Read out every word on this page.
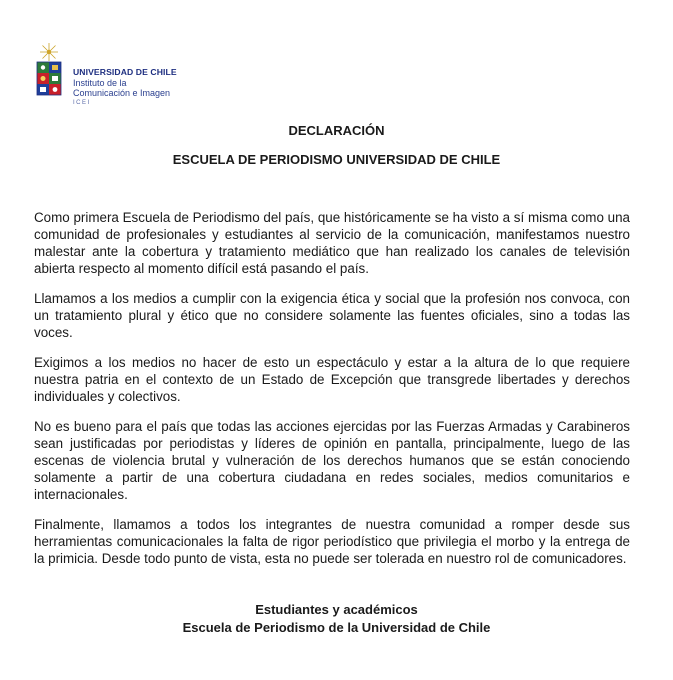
UNIVERSIDAD DE CHILE
Instituto de la
Comunicación e Imagen
ICEI
DECLARACIÓN
ESCUELA DE PERIODISMO UNIVERSIDAD DE CHILE

Como primera Escuela de Periodismo del país, que históricamente se ha visto a sí misma como una comunidad de profesionales y estudiantes al servicio de la comunicación, manifestamos nuestro malestar ante la cobertura y tratamiento mediático que han realizado los canales de televisión abierta respecto al momento difícil está pasando el país.

Llamamos a los medios a cumplir con la exigencia ética y social que la profesión nos convoca, con un tratamiento plural y ético que no considere solamente las fuentes oficiales, sino a todas las voces.

Exigimos a los medios no hacer de esto un espectáculo y estar a la altura de lo que requiere nuestra patria en el contexto de un Estado de Excepción que transgrede libertades y derechos individuales y colectivos.

No es bueno para el país que todas las acciones ejercidas por las Fuerzas Armadas y Carabineros sean justificadas por periodistas y líderes de opinión en pantalla, principalmente, luego de las escenas de violencia brutal y vulneración de los derechos humanos que se están conociendo solamente a partir de una cobertura ciudadana en redes sociales, medios comunitarios e internacionales.

Finalmente, llamamos a todos los integrantes de nuestra comunidad a romper desde sus herramientas comunicacionales la falta de rigor periodístico que privilegia el morbo y la entrega de la primicia. Desde todo punto de vista, esta no puede ser tolerada en nuestro rol de comunicadores.

Estudiantes y académicos
Escuela de Periodismo de la Universidad de Chile
